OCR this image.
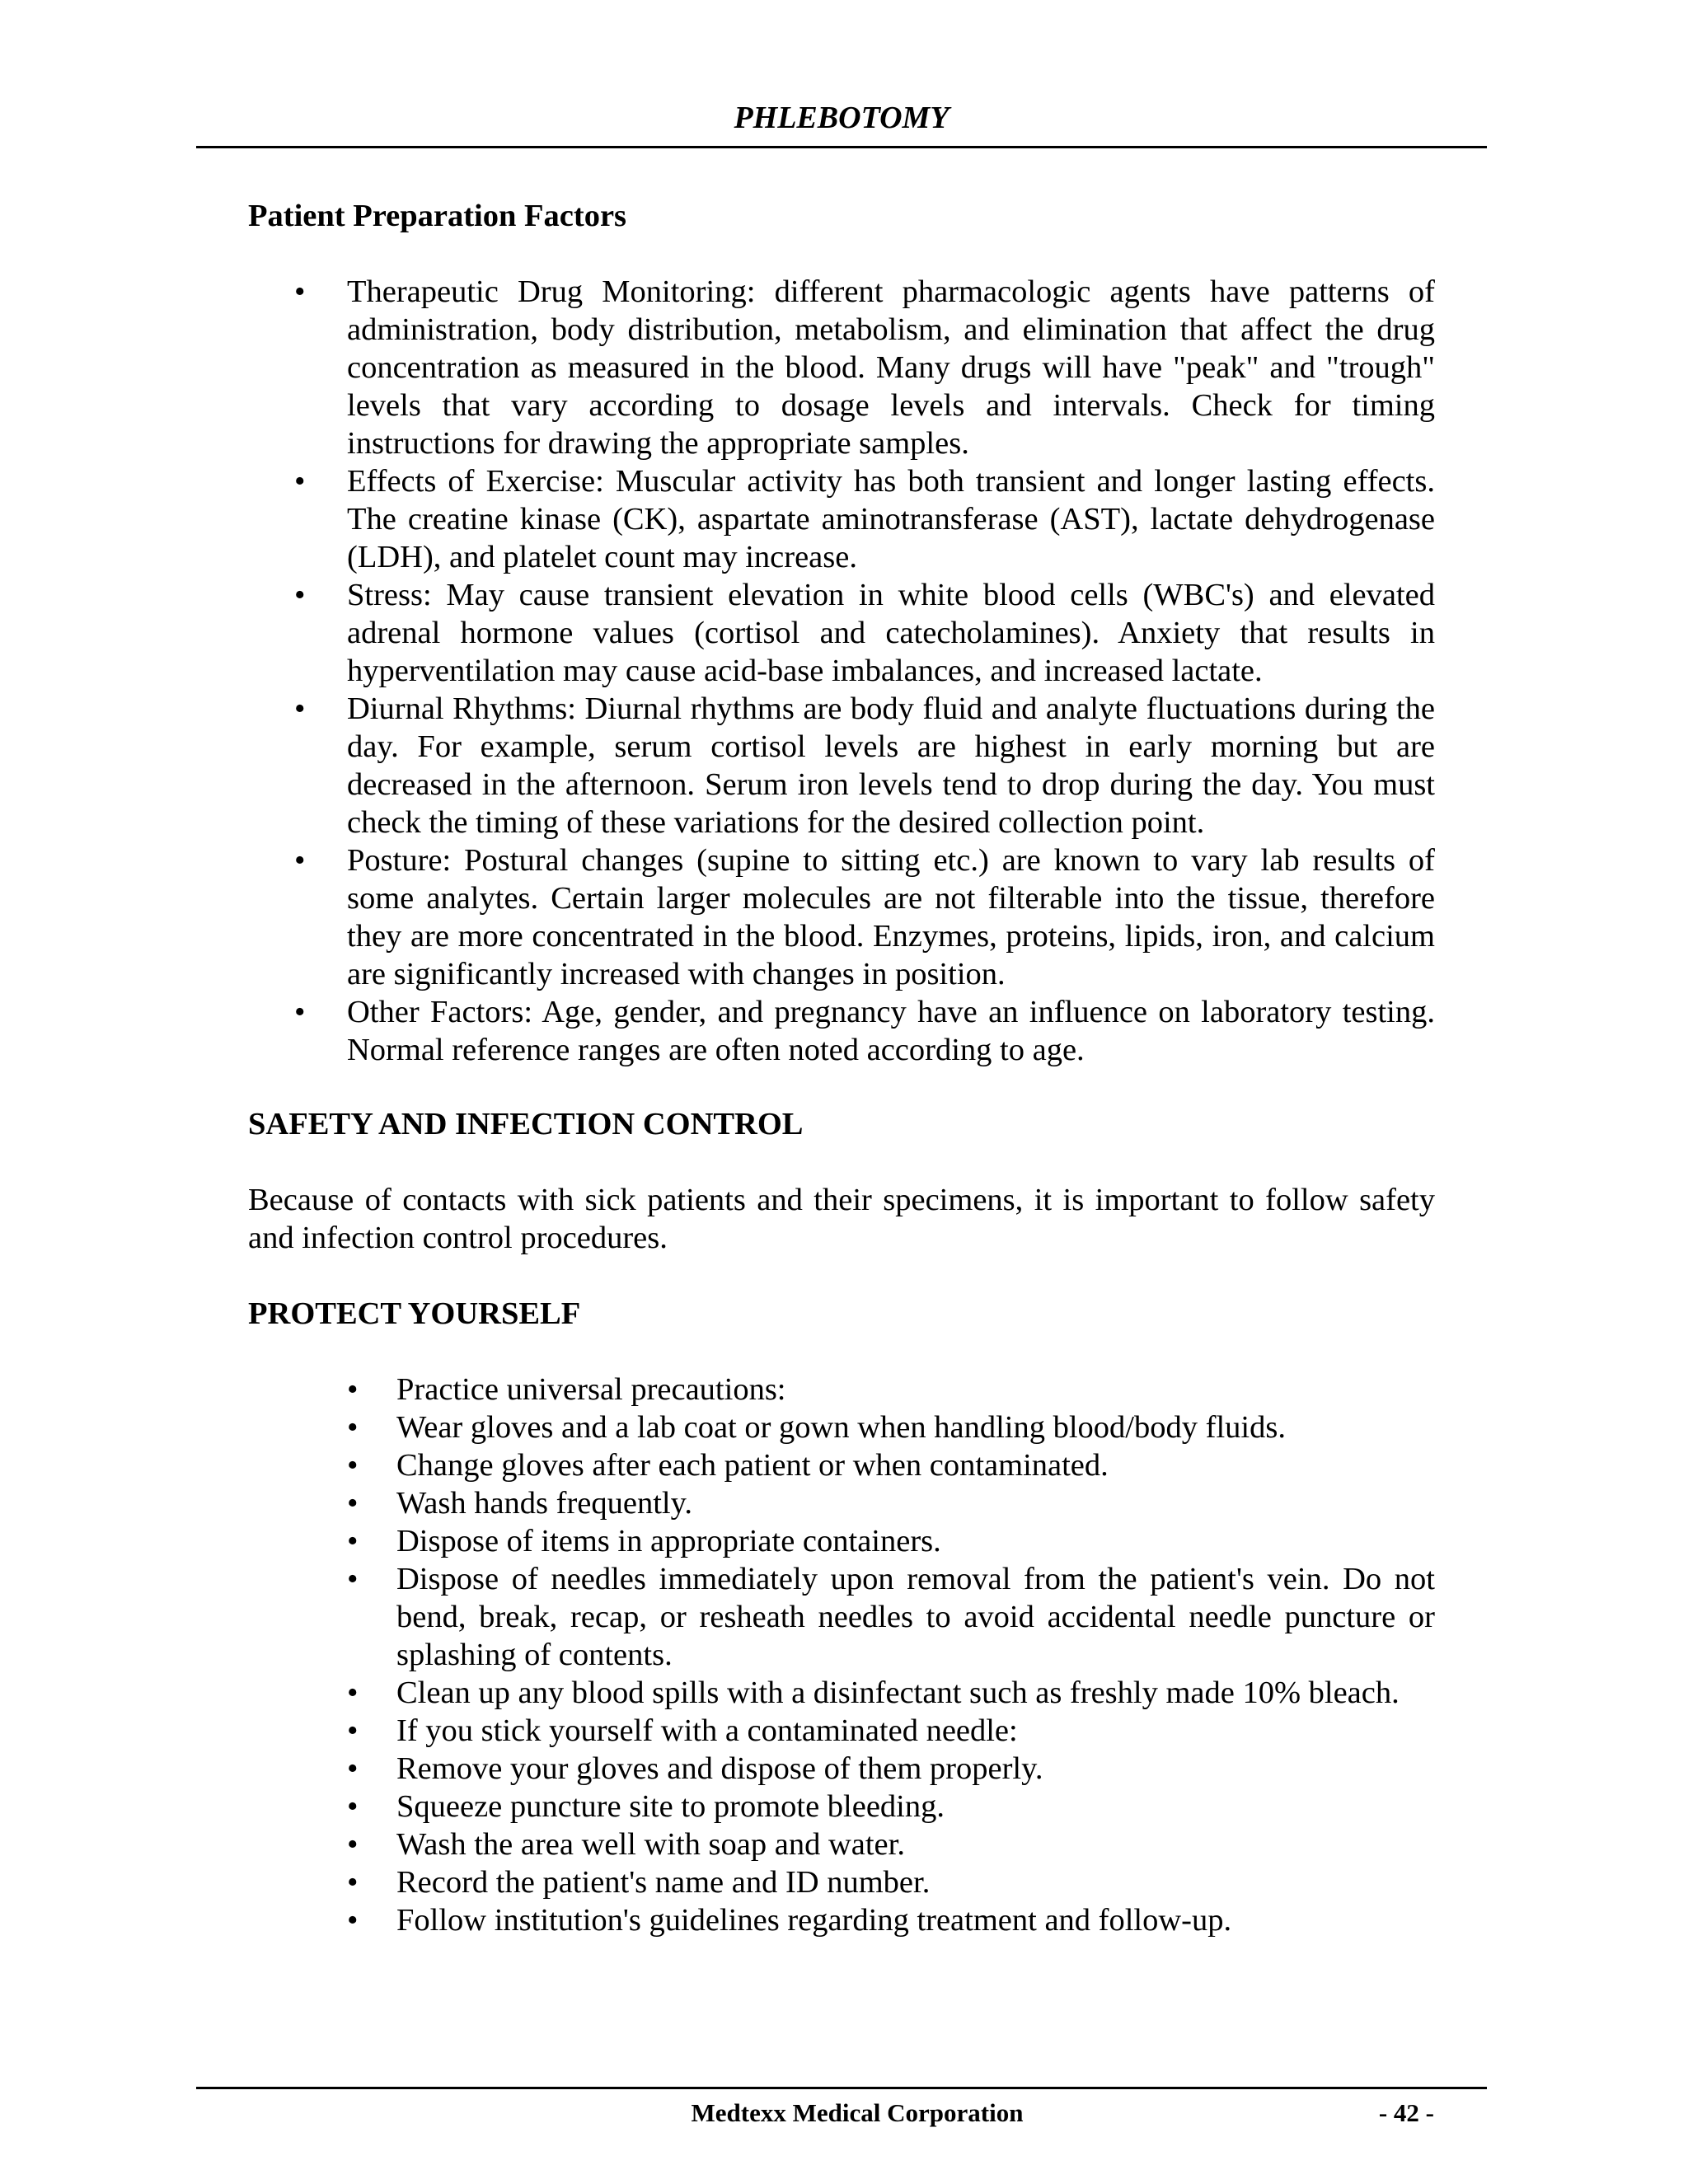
PHLEBOTOMY

Patient Preparation Factors

• Therapeutic Drug Monitoring: different pharmacologic agents have patterns of administration, body distribution, metabolism, and elimination that affect the drug concentration as measured in the blood. Many drugs will have "peak" and "trough" levels that vary according to dosage levels and intervals. Check for timing instructions for drawing the appropriate samples.
• Effects of Exercise: Muscular activity has both transient and longer lasting effects. The creatine kinase (CK), aspartate aminotransferase (AST), lactate dehydrogenase (LDH), and platelet count may increase.
• Stress: May cause transient elevation in white blood cells (WBC's) and elevated adrenal hormone values (cortisol and catecholamines). Anxiety that results in hyperventilation may cause acid-base imbalances, and increased lactate.
• Diurnal Rhythms: Diurnal rhythms are body fluid and analyte fluctuations during the day. For example, serum cortisol levels are highest in early morning but are decreased in the afternoon. Serum iron levels tend to drop during the day. You must check the timing of these variations for the desired collection point.
• Posture: Postural changes (supine to sitting etc.) are known to vary lab results of some analytes. Certain larger molecules are not filterable into the tissue, therefore they are more concentrated in the blood. Enzymes, proteins, lipids, iron, and calcium are significantly increased with changes in position.
• Other Factors: Age, gender, and pregnancy have an influence on laboratory testing. Normal reference ranges are often noted according to age.

SAFETY AND INFECTION CONTROL

Because of contacts with sick patients and their specimens, it is important to follow safety and infection control procedures.

PROTECT YOURSELF

• Practice universal precautions:
• Wear gloves and a lab coat or gown when handling blood/body fluids.
• Change gloves after each patient or when contaminated.
• Wash hands frequently.
• Dispose of items in appropriate containers.
• Dispose of needles immediately upon removal from the patient's vein. Do not bend, break, recap, or resheath needles to avoid accidental needle puncture or splashing of contents.
• Clean up any blood spills with a disinfectant such as freshly made 10% bleach.
• If you stick yourself with a contaminated needle:
• Remove your gloves and dispose of them properly.
• Squeeze puncture site to promote bleeding.
• Wash the area well with soap and water.
• Record the patient's name and ID number.
• Follow institution's guidelines regarding treatment and follow-up.
Medtexx Medical Corporation	- 42 -
